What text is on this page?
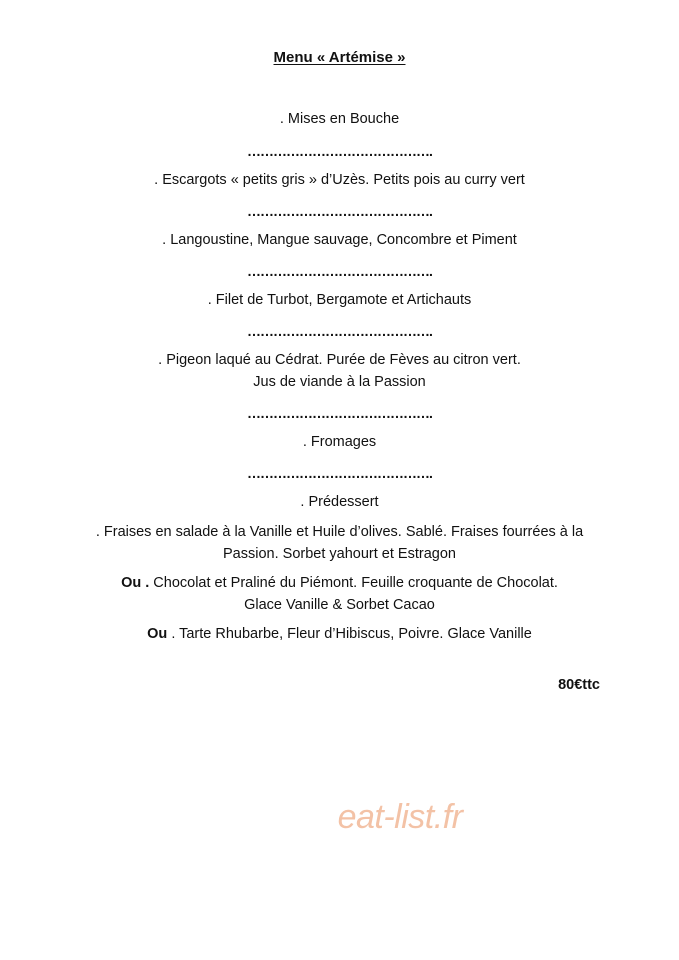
Menu « Artémise »
. Mises en Bouche
…………………………………….
. Escargots « petits gris » d’Uzès. Petits pois au curry vert
…………………………………….
. Langoustine, Mangue sauvage, Concombre et Piment
…………………………………….
. Filet de Turbot, Bergamote et Artichauts
…………………………………….
. Pigeon laqué au Cédrat. Purée de Fèves au citron vert.
Jus de viande à la Passion
…………………………………….
. Fromages
…………………………………….
. Prédessert
. Fraises en salade à la Vanille et Huile d’olives. Sablé. Fraises fourrées à la
Passion. Sorbet yahourt et Estragon
Ou . Chocolat et Praliné du Piémont. Feuille croquante de Chocolat.
Glace Vanille & Sorbet Cacao
Ou . Tarte Rhubarbe, Fleur d’Hibiscus, Poivre. Glace Vanille
80€ttc
eat-list.fr
